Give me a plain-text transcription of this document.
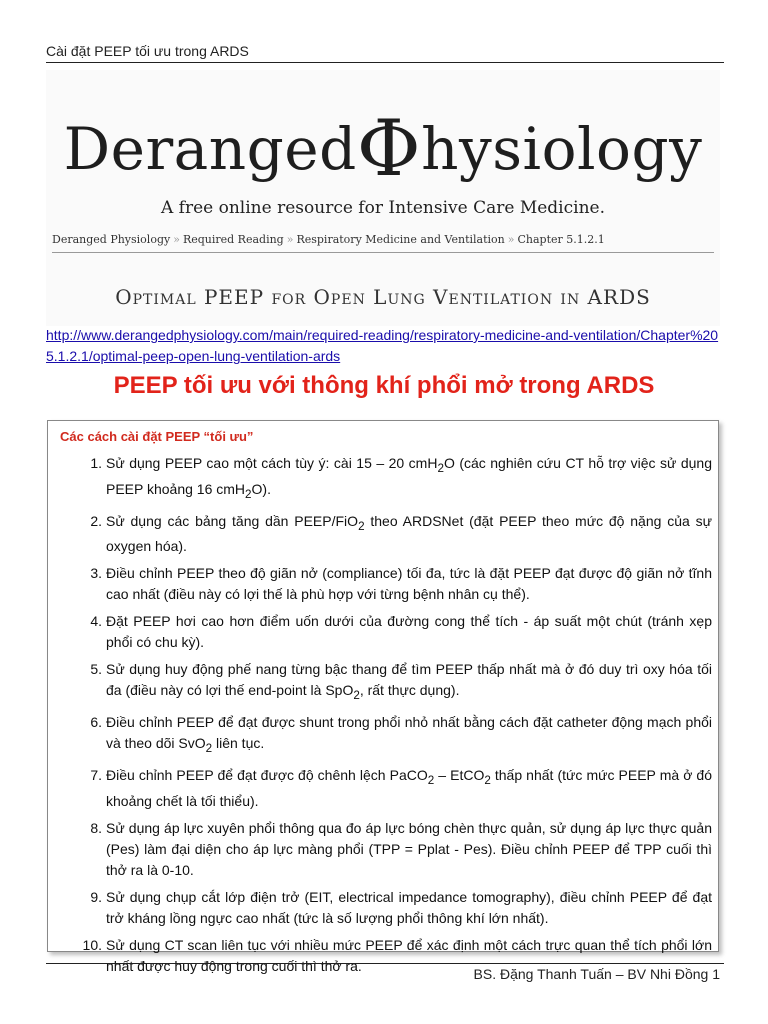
Cài đặt PEEP tối ưu trong ARDS
DerangedΦhysiology
A free online resource for Intensive Care Medicine.
Deranged Physiology » Required Reading » Respiratory Medicine and Ventilation » Chapter 5.1.2.1
Optimal PEEP for Open Lung Ventilation in ARDS
http://www.derangedphysiology.com/main/required-reading/respiratory-medicine-and-ventilation/Chapter%205.1.2.1/optimal-peep-open-lung-ventilation-ards
PEEP tối ưu với thông khí phổi mở trong ARDS
Các cách cài đặt PEEP “tối ưu”
1. Sử dụng PEEP cao một cách tùy ý: cài 15 – 20 cmH$_2$O (các nghiên cứu CT hỗ trợ việc sử dụng PEEP khoảng 16 cmH$_2$O).
2. Sử dụng các bảng tăng dần PEEP/FiO$_2$ theo ARDSNet (đặt PEEP theo mức độ nặng của sự oxygen hóa).
3. Điều chỉnh PEEP theo độ giãn nở (compliance) tối đa, tức là đặt PEEP đạt được độ giãn nở tĩnh cao nhất (điều này có lợi thế là phù hợp với từng bệnh nhân cụ thể).
4. Đặt PEEP hơi cao hơn điểm uốn dưới của đường cong thể tích - áp suất một chút (tránh xẹp phổi có chu kỳ).
5. Sử dụng huy động phế nang từng bậc thang để tìm PEEP thấp nhất mà ở đó duy trì oxy hóa tối đa (điều này có lợi thế end-point là SpO$_2$, rất thực dụng).
6. Điều chỉnh PEEP để đạt được shunt trong phổi nhỏ nhất bằng cách đặt catheter động mạch phổi và theo dõi SvO$_2$ liên tục.
7. Điều chỉnh PEEP để đạt được độ chênh lệch PaCO$_2$ – EtCO$_2$ thấp nhất (tức mức PEEP mà ở đó khoảng chết là tối thiểu).
8. Sử dụng áp lực xuyên phổi thông qua đo áp lực bóng chèn thực quản, sử dụng áp lực thực quản (Pes) làm đại diện cho áp lực màng phổi (TPP = Pplat - Pes). Điều chỉnh PEEP để TPP cuối thì thở ra là 0-10.
9. Sử dụng chụp cắt lớp điện trở (EIT, electrical impedance tomography), điều chỉnh PEEP để đạt trở kháng lồng ngực cao nhất (tức là số lượng phổi thông khí lớn nhất).
10. Sử dụng CT scan liên tục với nhiều mức PEEP để xác định một cách trực quan thể tích phổi lớn nhất được huy động trong cuối thì thở ra.
BS. Đặng Thanh Tuấn – BV Nhi Đồng 1
